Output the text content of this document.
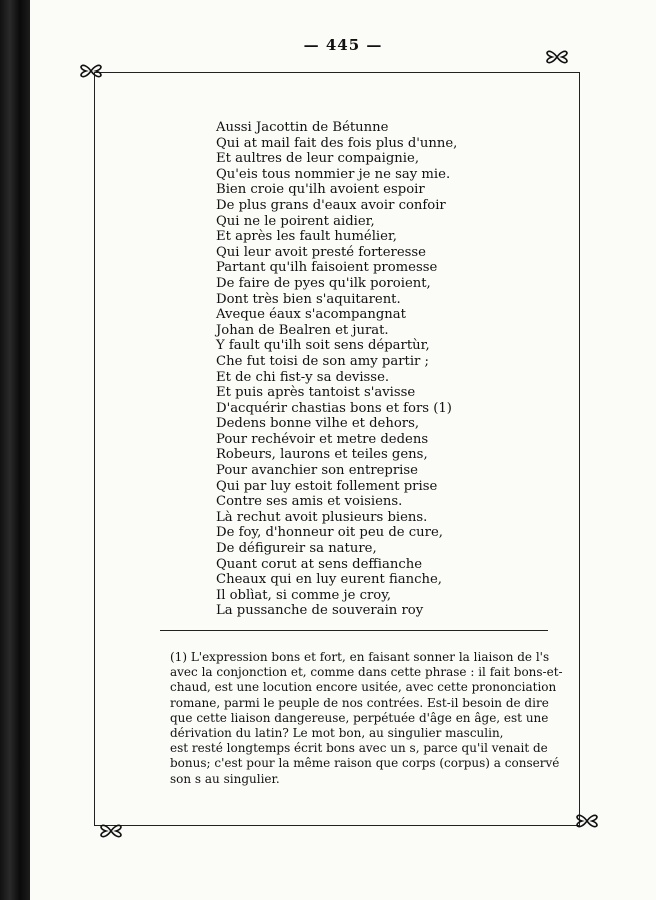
— 445 —
Aussi Jacottin de Bétunne
Qui at mail fait des fois plus d'unne,
Et aultres de leur compaignie,
Qu'eis tous nommier je ne say mie.
Bien croie qu'ilh avoient espoir
De plus grans d'eaux avoir confoir
Qui ne le poirent aidier,
Et après les fault humélier,
Qui leur avoit presté forteresse
Partant qu'ilh faisoient promesse
De faire de pyes qu'ilk poroient,
Dont très bien s'aquitarent.
Aveque éaux s'acompangnat
Johan de Bealren et jurat.
Y fault qu'ilh soit sens départùr,
Che fut toisi de son amy partir ;
Et de chi fist-y sa devisse.
Et puis après tantoist s'avisse
D'acquérir chastias bons et fors (1)
Dedens bonne vilhe et dehors,
Pour rechévoir et metre dedens
Robeurs, laurons et teiles gens,
Pour avanchier son entreprise
Qui par luy estoit follement prise
Contre ses amis et voisiens.
Là rechut avoit plusieurs biens.
De foy, d'honneur oit peu de cure,
De défigureir sa nature,
Quant corut at sens deffianche
Cheaux qui en luy eurent fianche,
Il oblìat, si comme je croy,
La pussanche de souverain roy
(1) L'expression bons et fort, en faisant sonner la liaison de l's
avec la conjonction et, comme dans cette phrase : il fait bons-et-
chaud, est une locution encore usitée, avec cette prononciation
romane, parmi le peuple de nos contrées. Est-il besoin de dire
que cette liaison dangereuse, perpétuée d'âge en âge, est une
dérivation du latin? Le mot bon, au singulier masculin,
est resté longtemps écrit bons avec un s, parce qu'il venait de
bonus; c'est pour la même raison que corps (corpus) a conservé
son s au singulier.
